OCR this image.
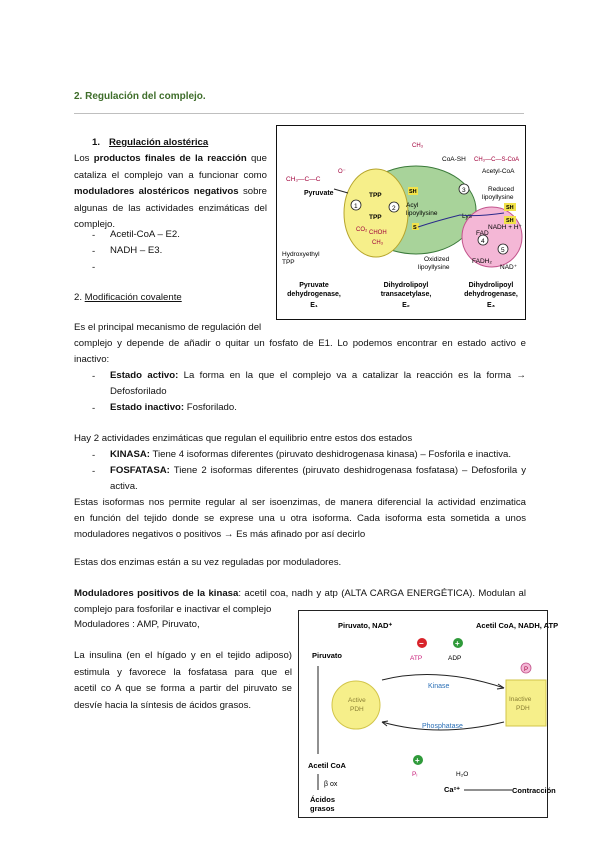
2. Regulación del complejo.
1. Regulación alostérica
Los productos finales de la reacción que
cataliza el complejo van a funcionar como
moduladores alostéricos negativos sobre
algunas de las actividades enzimáticas del
complejo.
- Acetil-CoA – E2.
- NADH – E3.
-
2. Modificación covalente
Es el principal mecanismo de regulación del
complejo y depende de añadir o quitar un fosfato de E1. Lo podemos encontrar en estado activo e
inactivo:
- Estado activo: La forma en la que el complejo va a catalizar la reacción es la forma →
Defosforilado
- Estado inactivo: Fosforilado.
Hay 2 actividades enzimáticas que regulan el equilibrio entre estos dos estados
- KINASA: Tiene 4 isoformas diferentes (piruvato deshidrogenasa kinasa) – Fosforila e inactiva.
- FOSFATASA: Tiene 2 isoformas diferentes (piruvato deshidrogenasa fosfatasa) – Defosforila y
activa.
Estas isoformas nos permite regular al ser isoenzimas, de manera diferencial la actividad enzimatica
en función del tejido donde se exprese una u otra isoforma. Cada isoforma esta sometida a unos
moduladores negativos o positivos → Es más afinado por así decirlo
Estas dos enzimas están a su vez reguladas por moduladores.
Moduladores positivos de la kinasa: acetil coa, nadh y atp (ALTA CARGA ENERGÉTICA). Modulan al
complejo para fosforilar e inactivar el complejo
Moduladores : AMP, Piruvato,
La insulina (en el hígado y en el tejido adiposo)
estimula y favorece la fosfatasa para que el
acetil co A que se forma a partir del piruvato se
desvíe hacia la síntesis de ácidos grasos.
CH₃—C—C
O⁻
Pyruvate	TPP
TPP
CHOH
CH₃
CO₂
Hydroxyethyl
TPP
1	2
3
4
5
CH₃
CoA-SH CH₃—C—S-CoA
Acetyl-CoA
Acyl
lipoyllysine	Lys
Oxidized
lipoyllysine
Reduced
lipoyllysine
SH
SH
SH
S
FAD
FADH₂
NADH + H⁺
NAD⁺
Pyruvate
dehydrogenase,
E₁
Dihydrolipoyl
transacetylase,
E₂
Dihydrolipoyl
dehydrogenase,
E₃
Piruvato, NAD⁺	Acetil CoA, NADH, ATP
−	+
ATP	ADP
Piruvato
Active
PDH
Inactive
PDH
P
Kinase
Phosphatase
+
Pᵢ	H₂O
Ca²⁺	Contracción
Acetil CoA
β ox
Ácidos
grasos
